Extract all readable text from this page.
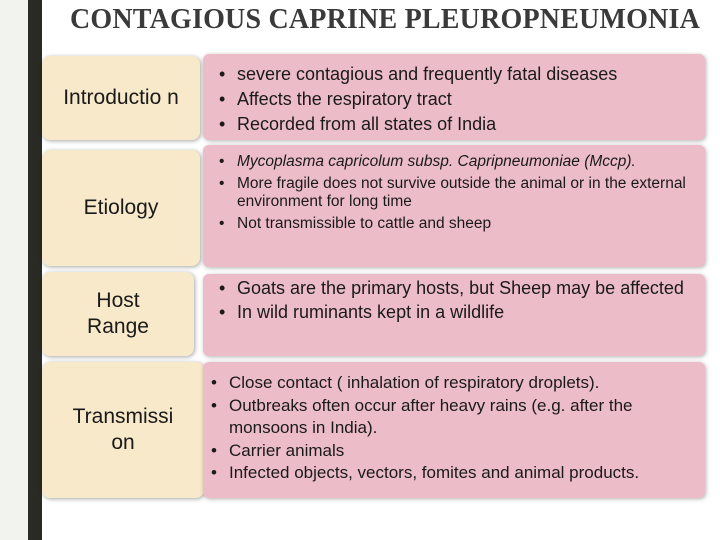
CONTAGIOUS CAPRINE PLEUROPNEUMONIA
Introductio n
• severe contagious and frequently fatal diseases
• Affects the respiratory tract
• Recorded from all states of India
Etiology
• Mycoplasma capricolum subsp. Capripneumoniae (Mccp).
• More fragile does not survive outside the animal or in the external environment for long time
• Not transmissible to cattle and sheep
Host Range
• Goats are the primary hosts, but Sheep may be affected
• In wild ruminants kept in a wildlife
Transmissi on
• Close contact ( inhalation of respiratory droplets).
• Outbreaks often occur after heavy rains (e.g. after the monsoons in India).
• Carrier animals
• Infected objects, vectors, fomites and animal products.
